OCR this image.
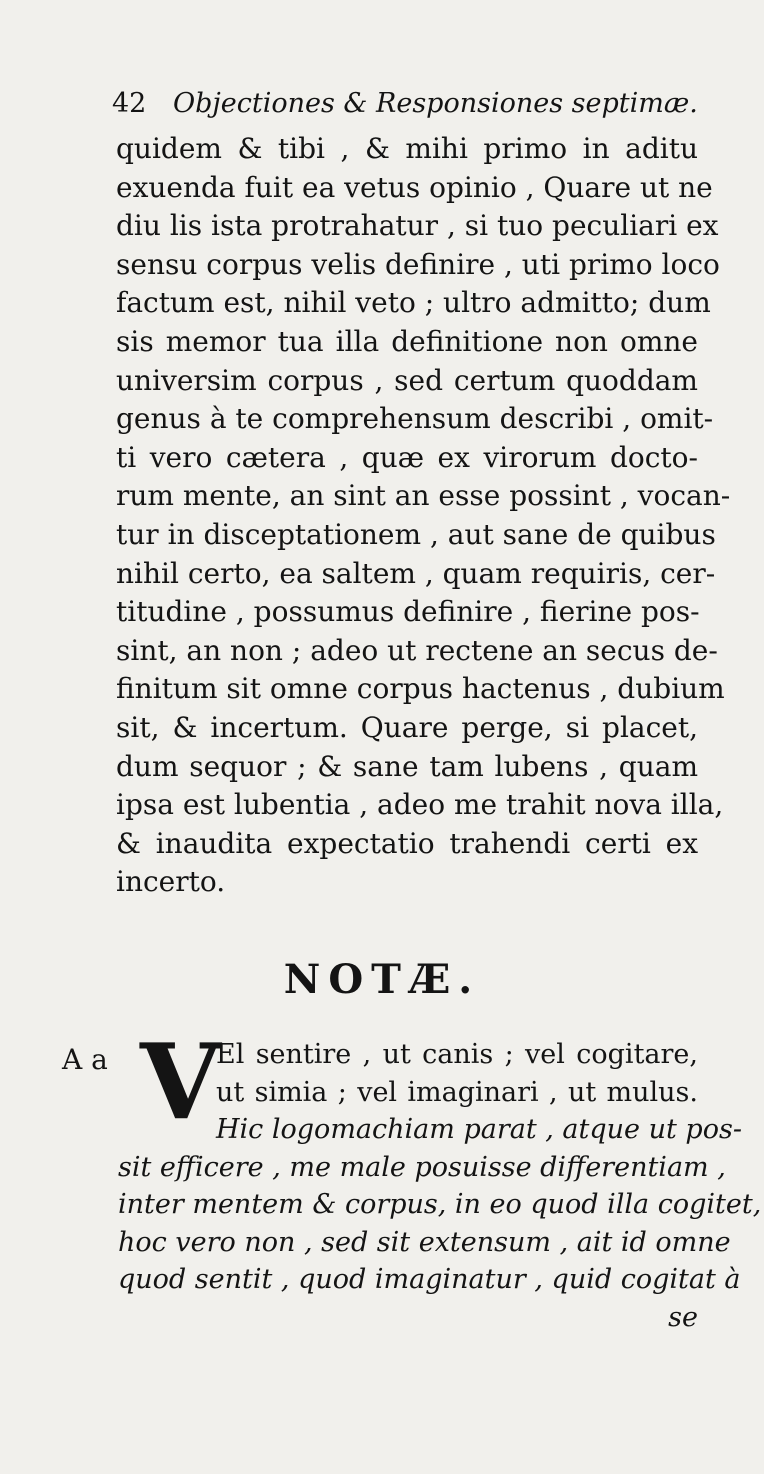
42 Objectiones & Responsiones septimæ.
quidem & tibi , & mihi primo in aditu
exuenda fuit ea vetus opinio , Quare ut ne
diu lis ista protrahatur , si tuo peculiari ex
sensu corpus velis definire , uti primo loco
factum est, nihil veto ; ultro admitto; dum
sis memor tua illa definitione non omne
universim corpus , sed certum quoddam
genus à te comprehensum describi , omit-
ti vero cætera , quæ ex virorum docto-
rum mente, an sint an esse possint , vocan-
tur in disceptationem , aut sane de quibus
nihil certo, ea saltem , quam requiris, cer-
titudine , possumus definire , fierine pos-
sint, an non ; adeo ut rectene an secus de-
finitum sit omne corpus hactenus , dubium
sit, & incertum. Quare perge, si placet,
dum sequor ; & sane tam lubens , quam
ipsa est lubentia , adeo me trahit nova illa,
& inaudita expectatio trahendi certi ex
incerto.
NOTÆ.
A a V
El sentire , ut canis ; vel cogitare,
ut simia ; vel imaginari , ut mulus.
Hic logomachiam parat , atque ut pos-
sit efficere , me male posuisse differentiam ,
inter mentem & corpus, in eo quod illa cogitet,
hoc vero non , sed sit extensum , ait id omne
quod sentit , quod imaginatur , quid cogitat à
se
